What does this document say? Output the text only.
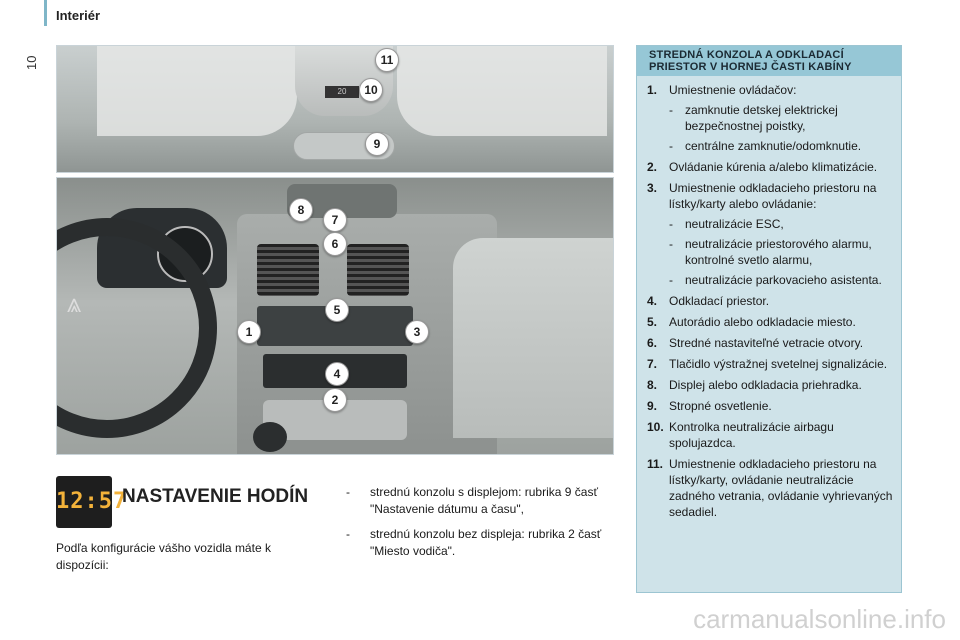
10
Interiér
20
11
10
9
⩓
8
7
6
5
1	3
4
2
STREDNÁ KONZOLA A ODKLADACÍ PRIESTOR V HORNEJ ČASTI KABÍNY
1. Umiestnenie ovládačov:
- zamknutie detskej elektrickej bezpečnostnej poistky,
- centrálne zamknutie/odomknutie.
2. Ovládanie kúrenia a/alebo klimatizácie.
3. Umiestnenie odkladacieho priestoru na lístky/karty alebo ovládanie:
- neutralizácie ESC,
- neutralizácie priestorového alarmu, kontrolné svetlo alarmu,
- neutralizácie parkovacieho asistenta.
4. Odkladací priestor.
5. Autorádio alebo odkladacie miesto.
6. Stredné nastaviteľné vetracie otvory.
7. Tlačidlo výstražnej svetelnej signalizácie.
8. Displej alebo odkladacia priehradka.
9. Stropné osvetlenie.
10. Kontrolka neutralizácie airbagu spolujazdca.
11. Umiestnenie odkladacieho priestoru na lístky/karty, ovládanie neutralizácie zadného vetrania, ovládanie vyhrievaných sedadiel.
12:57
NASTAVENIE HODÍN
Podľa konfigurácie vášho vozidla máte k dispozícii:
- strednú konzolu s displejom: rubrika 9 časť "Nastavenie dátumu a času",
- strednú konzolu bez displeja: rubrika 2 časť "Miesto vodiča".
carmanualsonline.info
